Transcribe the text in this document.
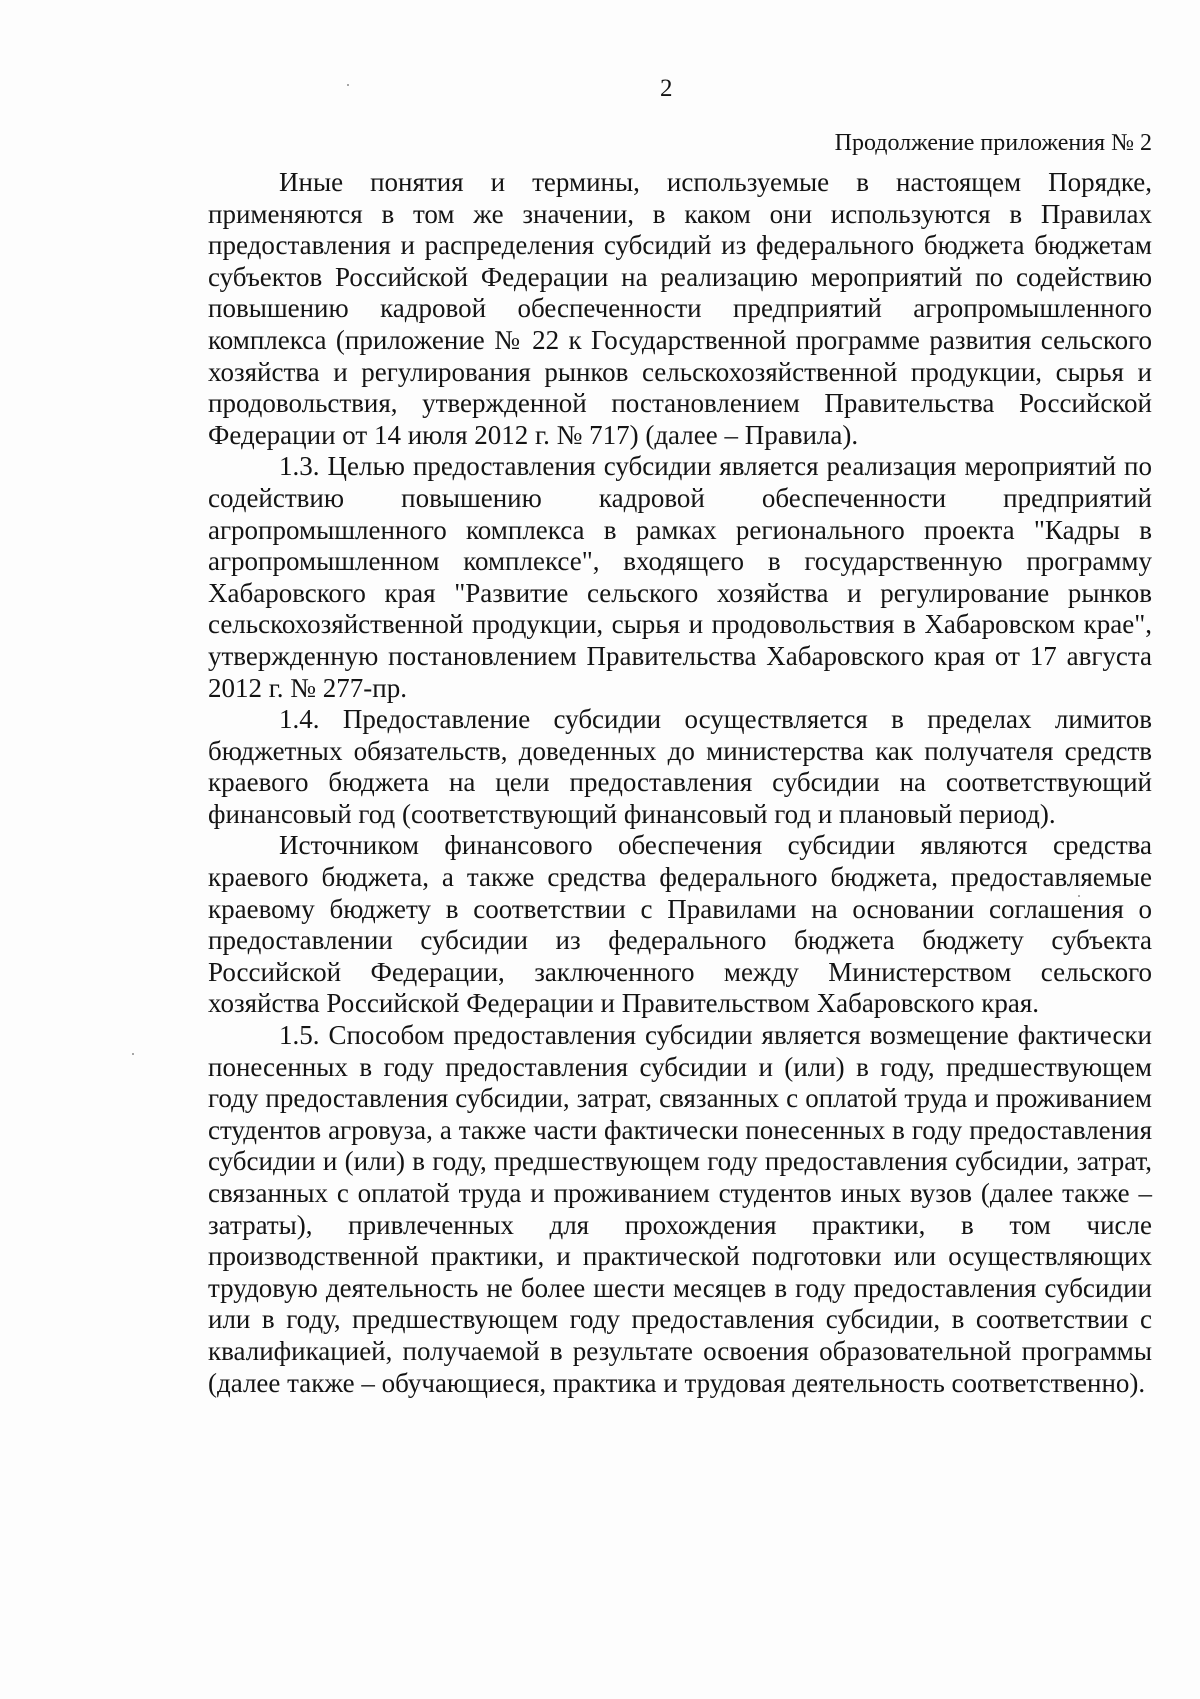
2
Продолжение приложения № 2

Иные понятия и термины, используемые в настоящем Порядке, применяются в том же значении, в каком они используются в Правилах предоставления и распределения субсидий из федерального бюджета бюджетам субъектов Российской Федерации на реализацию мероприятий по содействию повышению кадровой обеспеченности предприятий агропромышленного комплекса (приложение № 22 к Государственной программе развития сельского хозяйства и регулирования рынков сельскохозяйственной продукции, сырья и продовольствия, утвержденной постановлением Правительства Российской Федерации от 14 июля 2012 г. № 717) (далее – Правила).

1.3. Целью предоставления субсидии является реализация мероприятий по содействию повышению кадровой обеспеченности предприятий агропромышленного комплекса в рамках регионального проекта "Кадры в агропромышленном комплексе", входящего в государственную программу Хабаровского края "Развитие сельского хозяйства и регулирование рынков сельскохозяйственной продукции, сырья и продовольствия в Хабаровском крае", утвержденную постановлением Правительства Хабаровского края от 17 августа 2012 г. № 277-пр.

1.4. Предоставление субсидии осуществляется в пределах лимитов бюджетных обязательств, доведенных до министерства как получателя средств краевого бюджета на цели предоставления субсидии на соответствующий финансовый год (соответствующий финансовый год и плановый период).

Источником финансового обеспечения субсидии являются средства краевого бюджета, а также средства федерального бюджета, предоставляемые краевому бюджету в соответствии с Правилами на основании соглашения о предоставлении субсидии из федерального бюджета бюджету субъекта Российской Федерации, заключенного между Министерством сельского хозяйства Российской Федерации и Правительством Хабаровского края.

1.5. Способом предоставления субсидии является возмещение фактически понесенных в году предоставления субсидии и (или) в году, предшествующем году предоставления субсидии, затрат, связанных с оплатой труда и проживанием студентов агровуза, а также части фактически понесенных в году предоставления субсидии и (или) в году, предшествующем году предоставления субсидии, затрат, связанных с оплатой труда и проживанием студентов иных вузов (далее также – затраты), привлеченных для прохождения практики, в том числе производственной практики, и практической подготовки или осуществляющих трудовую деятельность не более шести месяцев в году предоставления субсидии или в году, предшествующем году предоставления субсидии, в соответствии с квалификацией, получаемой в результате освоения образовательной программы (далее также – обучающиеся, практика и трудовая деятельность соответственно).
